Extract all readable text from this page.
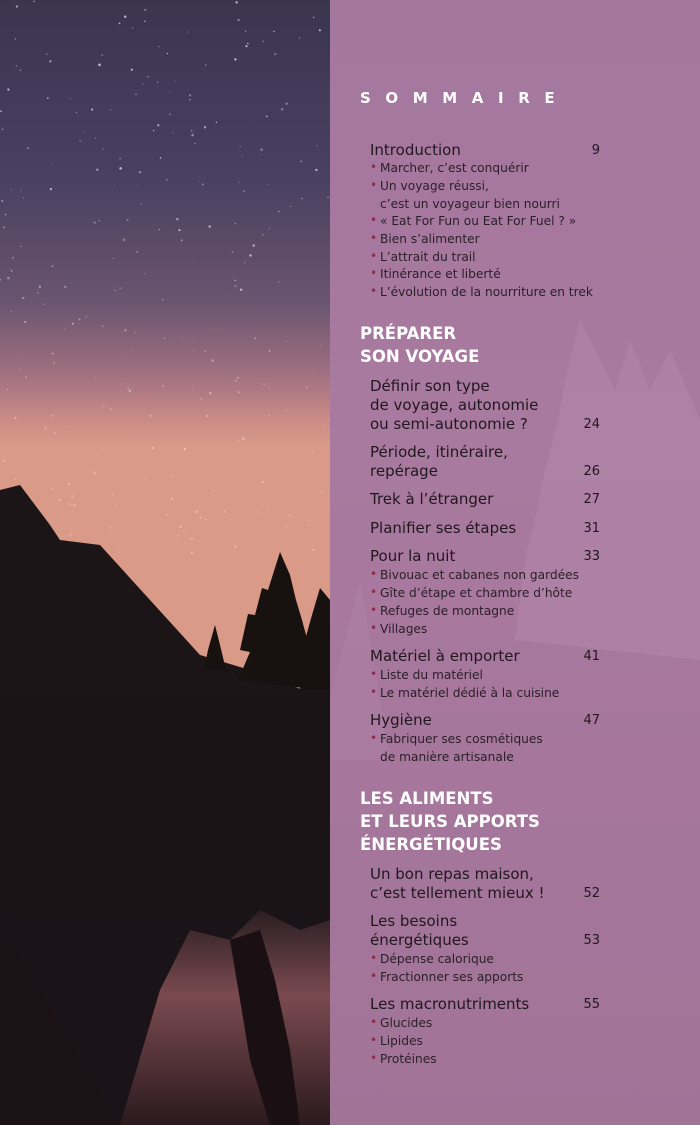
SOMMAIRE
Introduction	9
• Marcher, c’est conquérir
• Un voyage réussi,
c’est un voyageur bien nourri
• « Eat For Fun ou Eat For Fuel ? »
• Bien s’alimenter
• L’attrait du trail
• Itinérance et liberté
• L’évolution de la nourriture en trek
PRÉPARER
SON VOYAGE
Définir son type
de voyage, autonomie
ou semi-autonomie ?	24
Période, itinéraire,
repérage	26
Trek à l’étranger	27
Planifier ses étapes	31
Pour la nuit	33
• Bivouac et cabanes non gardées
• Gîte d’étape et chambre d’hôte
• Refuges de montagne
• Villages
Matériel à emporter	41
• Liste du matériel
• Le matériel dédié à la cuisine
Hygiène	47
• Fabriquer ses cosmétiques
de manière artisanale
LES ALIMENTS
ET LEURS APPORTS
ÉNERGÉTIQUES
Un bon repas maison,
c’est tellement mieux !	52
Les besoins
énergétiques	53
• Dépense calorique
• Fractionner ses apports
Les macronutriments	55
• Glucides
• Lipides
• Protéines
